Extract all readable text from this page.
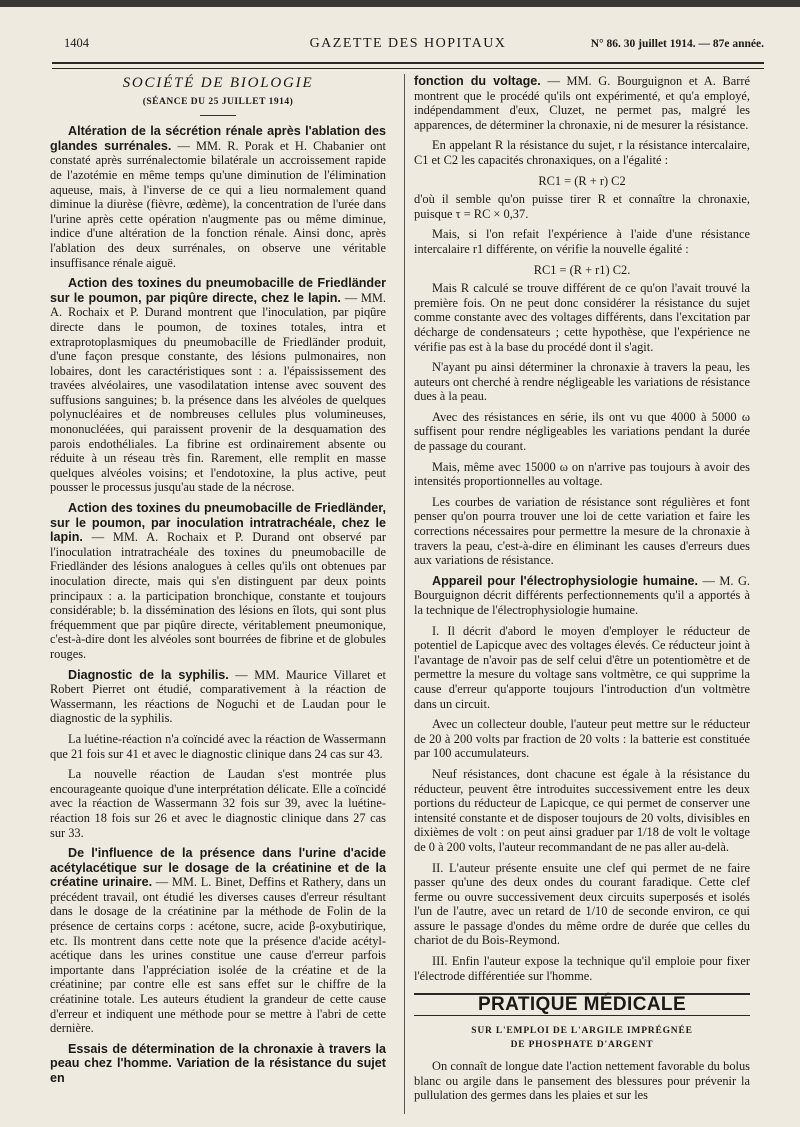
1404	GAZETTE DES HOPITAUX	N° 86. 30 juillet 1914. — 87e année.
SOCIÉTÉ DE BIOLOGIE
(SÉANCE DU 25 JUILLET 1914)

Altération de la sécrétion rénale après l'ablation des glandes surrénales. — MM. R. Porak et H. Chabanier ont constaté après surrénalectomie bilatérale un accroissement rapide de l'azotémie en même temps qu'une diminution de l'élimination aqueuse, mais, à l'inverse de ce qui a lieu normalement quand diminue la diurèse (fièvre, œdème), la concentration de l'urée dans l'urine après cette opération n'augmente pas ou même diminue, indice d'une altération de la fonction rénale. Ainsi donc, après l'ablation des deux surrénales, on observe une véritable insuffisance rénale aiguë.

Action des toxines du pneumobacille de Friedländer sur le poumon, par piqûre directe, chez le lapin. — MM. A. Rochaix et P. Durand montrent que l'inoculation, par piqûre directe dans le poumon, de toxines totales, intra et extraprotoplasmiques du pneumobacille de Friedländer produit, d'une façon presque constante, des lésions pulmonaires, non lobaires, dont les caractéristiques sont : a. l'épaississement des travées alvéolaires, une vasodilatation intense avec souvent des suffusions sanguines; b. la présence dans les alvéoles de quelques polynucléaires et de nombreuses cellules plus volumineuses, mononucléées, qui paraissent provenir de la desquamation des parois endothéliales. La fibrine est ordinairement absente ou réduite à un réseau très fin. Rarement, elle remplit en masse quelques alvéoles voisins; et l'endotoxine, la plus active, peut pousser le processus jusqu'au stade de la nécrose.

Action des toxines du pneumobacille de Friedländer, sur le poumon, par inoculation intratrachéale, chez le lapin. — MM. A. Rochaix et P. Durand ont observé par l'inoculation intratrachéale des toxines du pneumobacille de Friedländer des lésions analogues à celles qu'ils ont obtenues par inoculation directe, mais qui s'en distinguent par deux points principaux : a. la participation bronchique, constante et toujours considérable; b. la dissémination des lésions en îlots, qui sont plus fréquemment que par piqûre directe, véritablement pneumonique, c'est-à-dire dont les alvéoles sont bourrées de fibrine et de globules rouges.

Diagnostic de la syphilis. — MM. Maurice Villaret et Robert Pierret ont étudié, comparativement à la réaction de Wassermann, les réactions de Noguchi et de Laudan pour le diagnostic de la syphilis.

La luétine-réaction n'a coïncidé avec la réaction de Wassermann que 21 fois sur 41 et avec le diagnostic clinique dans 24 cas sur 43.

La nouvelle réaction de Laudan s'est montrée plus encourageante quoique d'une interprétation délicate. Elle a coïncidé avec la réaction de Wassermann 32 fois sur 39, avec la luétine-réaction 18 fois sur 26 et avec le diagnostic clinique dans 27 cas sur 33.

De l'influence de la présence dans l'urine d'acide acétylacétique sur le dosage de la créatinine et de la créatine urinaire. — MM. L. Binet, Deffins et Rathery, dans un précédent travail, ont étudié les diverses causes d'erreur résultant dans le dosage de la créatinine par la méthode de Folin de la présence de certains corps : acétone, sucre, acide β-oxybutirique, etc. Ils montrent dans cette note que la présence d'acide acétyl-acétique dans les urines constitue une cause d'erreur parfois importante dans l'appréciation isolée de la créatine et de la créatinine; par contre elle est sans effet sur le chiffre de la créatinine totale. Les auteurs étudient la grandeur de cette cause d'erreur et indiquent une méthode pour se mettre à l'abri de cette dernière.

Essais de détermination de la chronaxie à travers la peau chez l'homme. Variation de la résistance du sujet en

fonction du voltage. — MM. G. Bourguignon et A. Barré montrent que le procédé qu'ils ont expérimenté, et qu'a employé, indépendamment d'eux, Cluzet, ne permet pas, malgré les apparences, de déterminer la chronaxie, ni de mesurer la résistance.

En appelant R la résistance du sujet, r la résistance intercalaire, C1 et C2 les capacités chronaxiques, on a l'égalité :

RC1 = (R + r) C2

d'où il semble qu'on puisse tirer R et connaître la chronaxie, puisque τ = RC × 0,37.

Mais, si l'on refait l'expérience à l'aide d'une résistance intercalaire r1 différente, on vérifie la nouvelle égalité :

RC1 = (R + r1) C2.

Mais R calculé se trouve différent de ce qu'on l'avait trouvé la première fois. On ne peut donc considérer la résistance du sujet comme constante avec des voltages différents, dans l'excitation par décharge de condensateurs ; cette hypothèse, que l'expérience ne vérifie pas est à la base du procédé dont il s'agit.

N'ayant pu ainsi déterminer la chronaxie à travers la peau, les auteurs ont cherché à rendre négligeable les variations de résistance dues à la peau.

Avec des résistances en série, ils ont vu que 4000 à 5000 ω suffisent pour rendre négligeables les variations pendant la durée de passage du courant.

Mais, même avec 15000 ω on n'arrive pas toujours à avoir des intensités proportionnelles au voltage.

Les courbes de variation de résistance sont régulières et font penser qu'on pourra trouver une loi de cette variation et faire les corrections nécessaires pour permettre la mesure de la chronaxie à travers la peau, c'est-à-dire en éliminant les causes d'erreurs dues aux variations de résistance.

Appareil pour l'électrophysiologie humaine. — M. G. Bourguignon décrit différents perfectionnements qu'il a apportés à la technique de l'électrophysiologie humaine.

I. Il décrit d'abord le moyen d'employer le réducteur de potentiel de Lapicque avec des voltages élevés. Ce réducteur joint à l'avantage de n'avoir pas de self celui d'être un potentiomètre et de permettre la mesure du voltage sans voltmètre, ce qui supprime la cause d'erreur qu'apporte toujours l'introduction d'un voltmètre dans un circuit.

Avec un collecteur double, l'auteur peut mettre sur le réducteur de 20 à 200 volts par fraction de 20 volts : la batterie est constituée par 100 accumulateurs.

Neuf résistances, dont chacune est égale à la résistance du réducteur, peuvent être introduites successivement entre les deux portions du réducteur de Lapicque, ce qui permet de conserver une intensité constante et de disposer toujours de 20 volts, divisibles en dixièmes de volt : on peut ainsi graduer par 1/18 de volt le voltage de 0 à 200 volts, l'auteur recommandant de ne pas aller au-delà.

II. L'auteur présente ensuite une clef qui permet de ne faire passer qu'une des deux ondes du courant faradique. Cette clef ferme ou ouvre successivement deux circuits superposés et isolés l'un de l'autre, avec un retard de 1/10 de seconde environ, ce qui assure le passage d'ondes du même ordre de durée que celles du chariot de du Bois-Reymond.

III. Enfin l'auteur expose la technique qu'il emploie pour fixer l'électrode différentiée sur l'homme.

PRATIQUE MÉDICALE
SUR L'EMPLOI DE L'ARGILE IMPRÉGNÉE
DE PHOSPHATE D'ARGENT

On connaît de longue date l'action nettement favorable du bolus blanc ou argile dans le pansement des blessures pour prévenir la pullulation des germes dans les plaies et sur les
